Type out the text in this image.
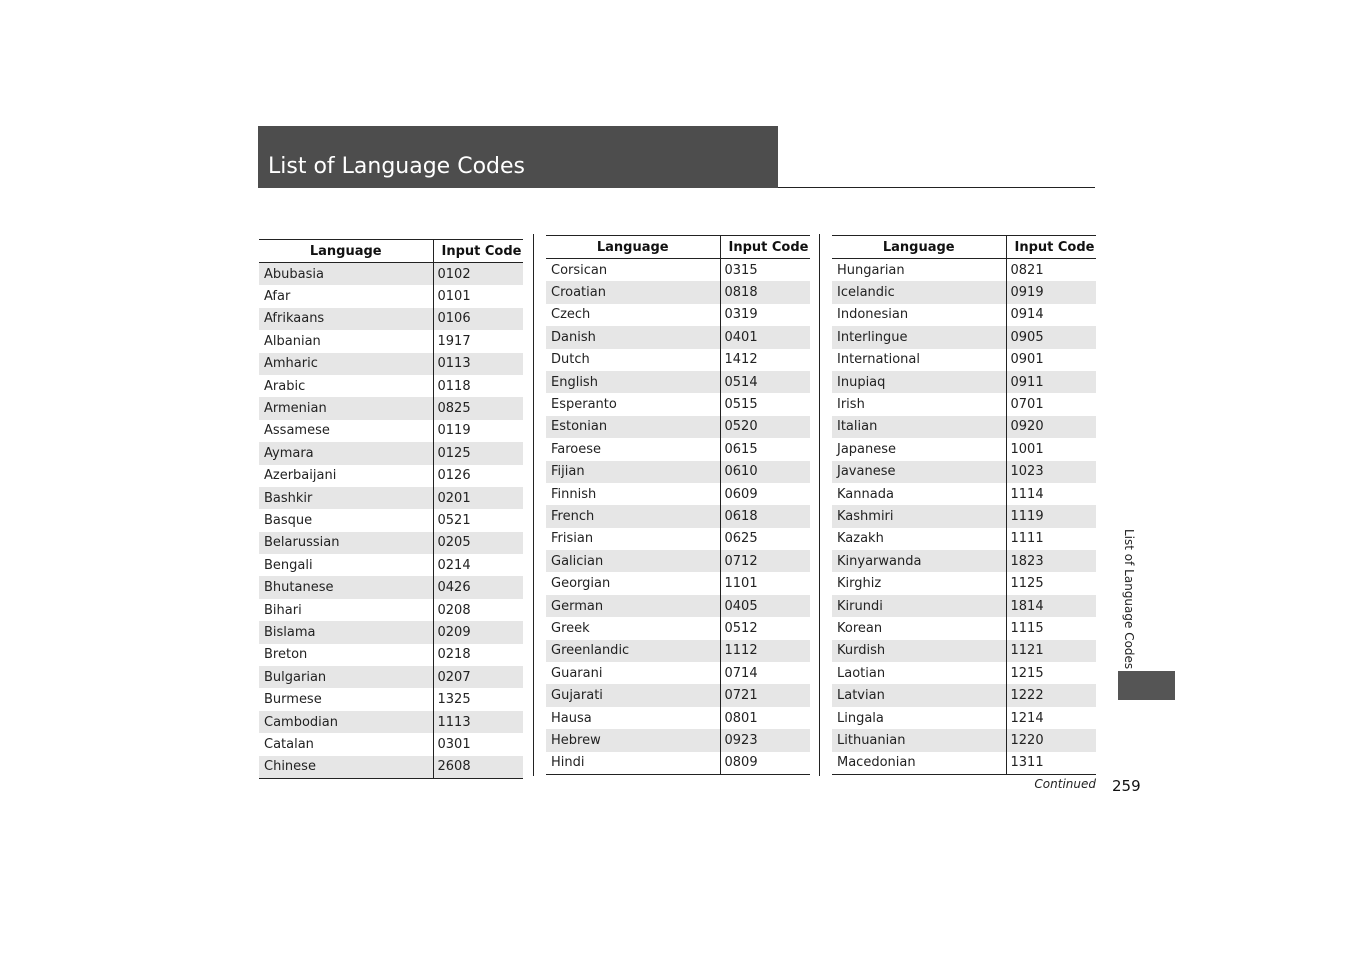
List of Language Codes
Language	Input Code
Abubasia	0102
Afar	0101
Afrikaans	0106
Albanian	1917
Amharic	0113
Arabic	0118
Armenian	0825
Assamese	0119
Aymara	0125
Azerbaijani	0126
Bashkir	0201
Basque	0521
Belarussian	0205
Bengali	0214
Bhutanese	0426
Bihari	0208
Bislama	0209
Breton	0218
Bulgarian	0207
Burmese	1325
Cambodian	1113
Catalan	0301
Chinese	2608
Language	Input Code
Corsican	0315
Croatian	0818
Czech	0319
Danish	0401
Dutch	1412
English	0514
Esperanto	0515
Estonian	0520
Faroese	0615
Fijian	0610
Finnish	0609
French	0618
Frisian	0625
Galician	0712
Georgian	1101
German	0405
Greek	0512
Greenlandic	1112
Guarani	0714
Gujarati	0721
Hausa	0801
Hebrew	0923
Hindi	0809
Language	Input Code
Hungarian	0821
Icelandic	0919
Indonesian	0914
Interlingue	0905
International	0901
Inupiaq	0911
Irish	0701
Italian	0920
Japanese	1001
Javanese	1023
Kannada	1114
Kashmiri	1119
Kazakh	1111
Kinyarwanda	1823
Kirghiz	1125
Kirundi	1814
Korean	1115
Kurdish	1121
Laotian	1215
Latvian	1222
Lingala	1214
Lithuanian	1220
Macedonian	1311
List of Language Codes
Continued 259
